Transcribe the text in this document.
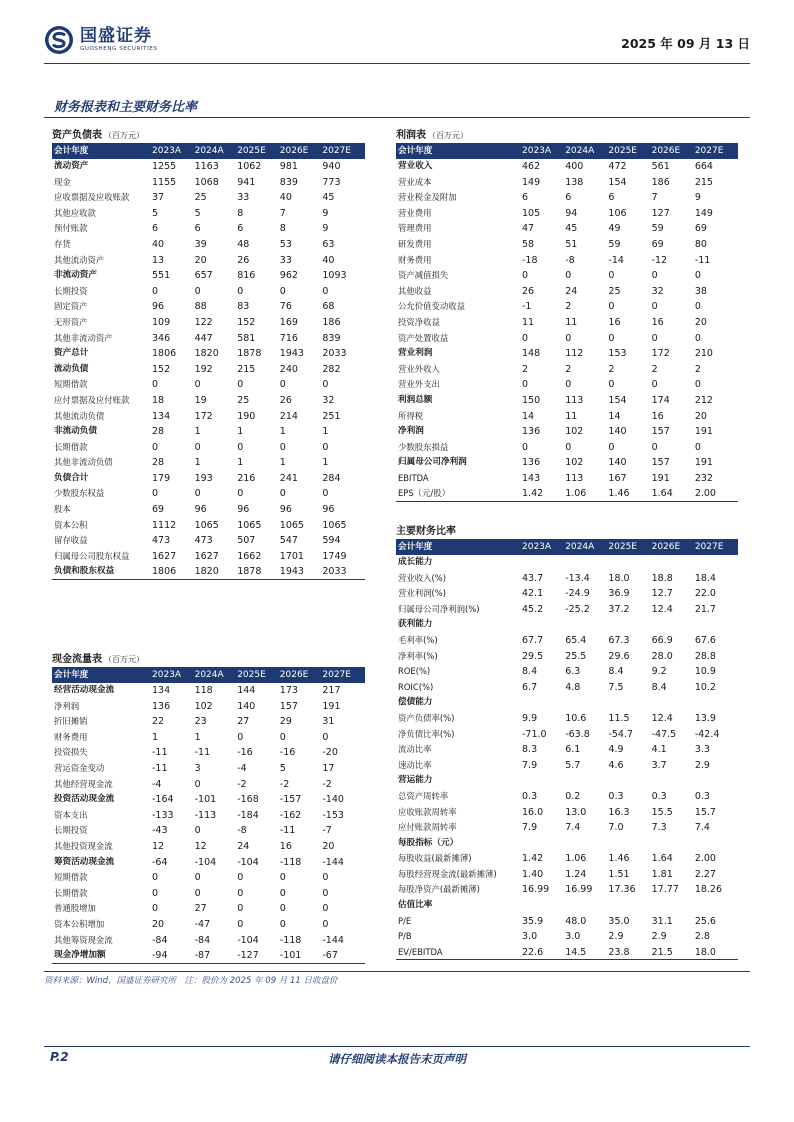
国盛证券
GUOSHENG SECURITIES	2025 年 09 月 13 日
财务报表和主要财务比率
资产负债表 （百万元）
会计年度	2023A	2024A	2025E	2026E	2027E
流动资产	1255	1163	1062	981	940
现金	1155	1068	941	839	773
应收票据及应收账款	37	25	33	40	45
其他应收款	5	5	8	7	9
预付账款	6	6	6	8	9
存货	40	39	48	53	63
其他流动资产	13	20	26	33	40
非流动资产	551	657	816	962	1093
长期投资	0	0	0	0	0
固定资产	96	88	83	76	68
无形资产	109	122	152	169	186
其他非流动资产	346	447	581	716	839
资产总计	1806	1820	1878	1943	2033
流动负债	152	192	215	240	282
短期借款	0	0	0	0	0
应付票据及应付账款	18	19	25	26	32
其他流动负债	134	172	190	214	251
非流动负债	28	1	1	1	1
长期借款	0	0	0	0	0
其他非流动负债	28	1	1	1	1
负债合计	179	193	216	241	284
少数股东权益	0	0	0	0	0
股本	69	96	96	96	96
资本公积	1112	1065	1065	1065	1065
留存收益	473	473	507	547	594
归属母公司股东权益	1627	1627	1662	1701	1749
负债和股东权益	1806	1820	1878	1943	2033
现金流量表 （百万元）
会计年度	2023A	2024A	2025E	2026E	2027E
经营活动现金流	134	118	144	173	217
净利润	136	102	140	157	191
折旧摊销	22	23	27	29	31
财务费用	1	1	0	0	0
投资损失	-11	-11	-16	-16	-20
营运资金变动	-11	3	-4	5	17
其他经营现金流	-4	0	-2	-2	-2
投资活动现金流	-164	-101	-168	-157	-140
资本支出	-133	-113	-184	-162	-153
长期投资	-43	0	-8	-11	-7
其他投资现金流	12	12	24	16	20
筹资活动现金流	-64	-104	-104	-118	-144
短期借款	0	0	0	0	0
长期借款	0	0	0	0	0
普通股增加	0	27	0	0	0
资本公积增加	20	-47	0	0	0
其他筹资现金流	-84	-84	-104	-118	-144
现金净增加额	-94	-87	-127	-101	-67
利润表 （百万元）
会计年度	2023A	2024A	2025E	2026E	2027E
营业收入	462	400	472	561	664
营业成本	149	138	154	186	215
营业税金及附加	6	6	6	7	9
营业费用	105	94	106	127	149
管理费用	47	45	49	59	69
研发费用	58	51	59	69	80
财务费用	-18	-8	-14	-12	-11
资产减值损失	0	0	0	0	0
其他收益	26	24	25	32	38
公允价值变动收益	-1	2	0	0	0
投资净收益	11	11	16	16	20
资产处置收益	0	0	0	0	0
营业利润	148	112	153	172	210
营业外收入	2	2	2	2	2
营业外支出	0	0	0	0	0
利润总额	150	113	154	174	212
所得税	14	11	14	16	20
净利润	136	102	140	157	191
少数股东损益	0	0	0	0	0
归属母公司净利润	136	102	140	157	191
EBITDA	143	113	167	191	232
EPS（元/股）	1.42	1.06	1.46	1.64	2.00
主要财务比率
会计年度	2023A	2024A	2025E	2026E	2027E
成长能力
营业收入(%)	43.7	-13.4	18.0	18.8	18.4
营业利润(%)	42.1	-24.9	36.9	12.7	22.0
归属母公司净利润(%)	45.2	-25.2	37.2	12.4	21.7
获利能力
毛利率(%)	67.7	65.4	67.3	66.9	67.6
净利率(%)	29.5	25.5	29.6	28.0	28.8
ROE(%)	8.4	6.3	8.4	9.2	10.9
ROIC(%)	6.7	4.8	7.5	8.4	10.2
偿债能力
资产负债率(%)	9.9	10.6	11.5	12.4	13.9
净负债比率(%)	-71.0	-63.8	-54.7	-47.5	-42.4
流动比率	8.3	6.1	4.9	4.1	3.3
速动比率	7.9	5.7	4.6	3.7	2.9
营运能力
总资产周转率	0.3	0.2	0.3	0.3	0.3
应收账款周转率	16.0	13.0	16.3	15.5	15.7
应付账款周转率	7.9	7.4	7.0	7.3	7.4
每股指标（元）
每股收益(最新摊薄)	1.42	1.06	1.46	1.64	2.00
每股经营现金流(最新摊薄)	1.40	1.24	1.51	1.81	2.27
每股净资产(最新摊薄)	16.99	16.99	17.36	17.77	18.26
估值比率
P/E	35.9	48.0	35.0	31.1	25.6
P/B	3.0	3.0	2.9	2.9	2.8
EV/EBITDA	22.6	14.5	23.8	21.5	18.0
资料来源：Wind，国盛证券研究所　注：股价为 2025 年 09 月 11 日收盘价
P.2	请仔细阅读本报告末页声明
